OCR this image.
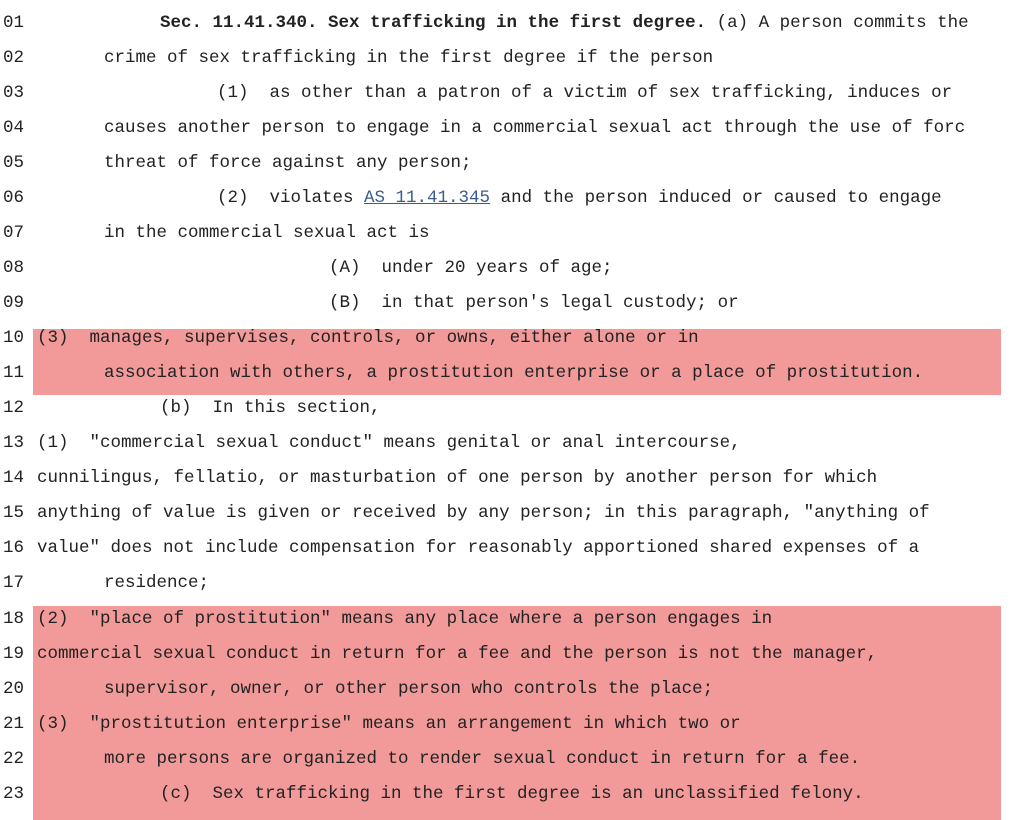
01

	Sec. 11.41.340. Sex trafficking in the first degree. (a) A person commits the

02

	crime of sex trafficking in the first degree if the person

03

	(1)  as other than a patron of a victim of sex trafficking, induces or

04

	causes another person to engage in a commercial sexual act through the use of forc

05

	threat of force against any person;

06

	(2)  violates AS 11.41.345 and the person induced or caused to engage

07

	in the commercial sexual act is

08

	(A)  under 20 years of age;

09

	(B)  in that person's legal custody; or

10

(3)  manages, supervises, controls, or owns, either alone or in

11

	association with others, a prostitution enterprise or a place of prostitution.

12

	(b)  In this section,

13

(1)  "commercial sexual conduct" means genital or anal intercourse,

14

cunnilingus, fellatio, or masturbation of one person by another person for which

15

anything of value is given or received by any person; in this paragraph, "anything of

16

value" does not include compensation for reasonably apportioned shared expenses of a

17

	residence;

18

(2)  "place of prostitution" means any place where a person engages in

19

commercial sexual conduct in return for a fee and the person is not the manager,

20

	supervisor, owner, or other person who controls the place;

21

(3)  "prostitution enterprise" means an arrangement in which two or

22

	more persons are organized to render sexual conduct in return for a fee.

23

	(c)  Sex trafficking in the first degree is an unclassified felony.
